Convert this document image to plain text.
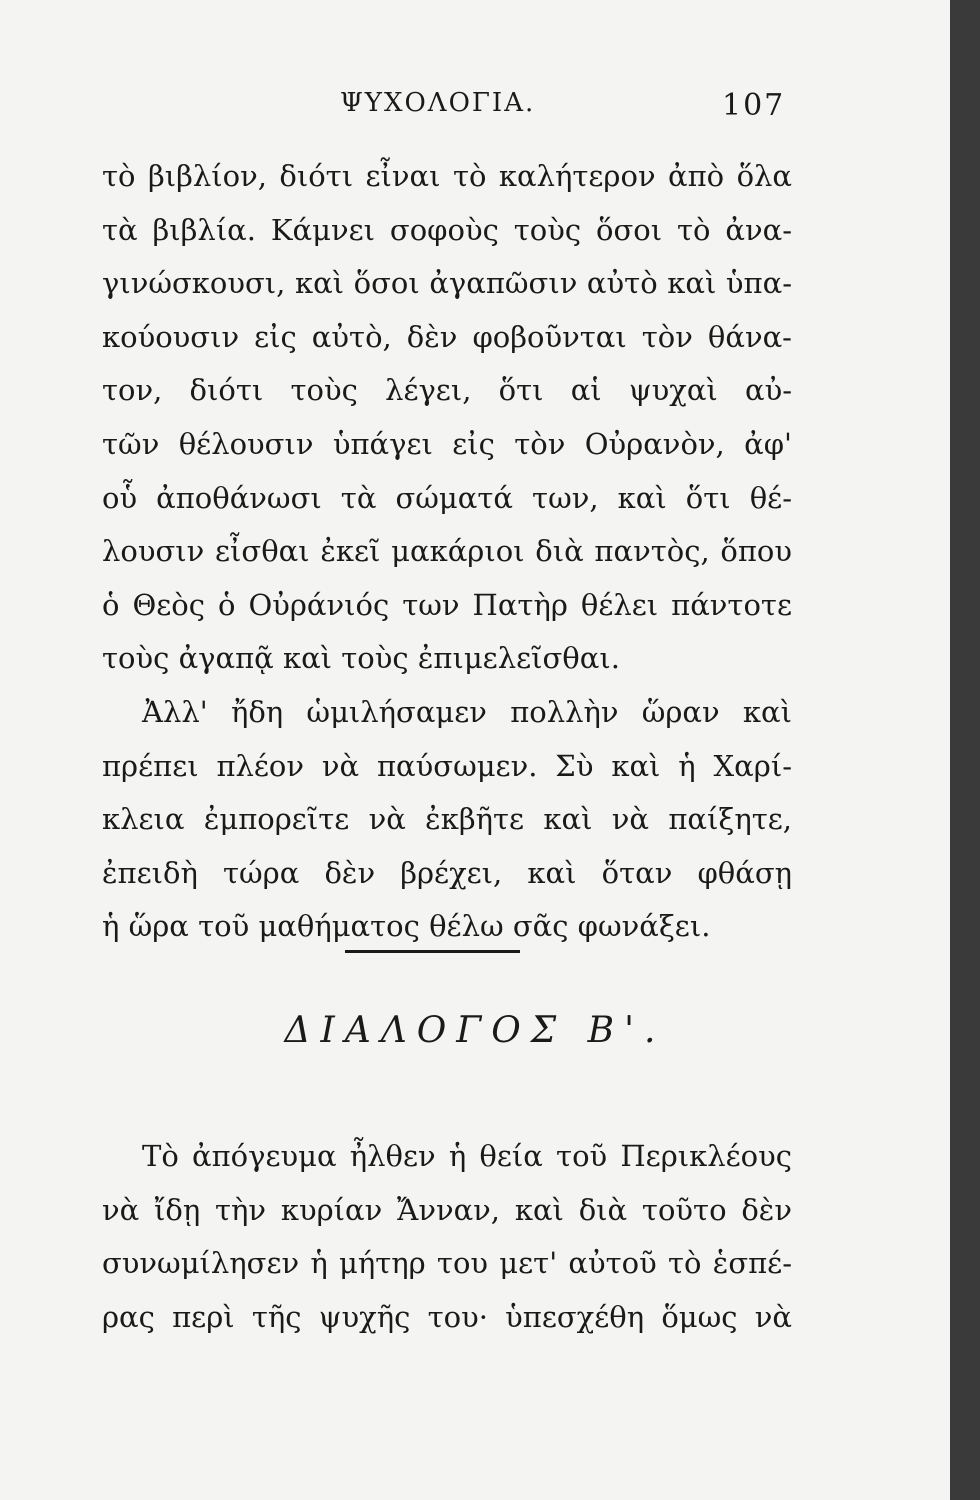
ΨΥΧΟΛΟΓΙΑ.	107
τὸ βιβλίον, διότι εἶναι τὸ καλήτερον ἀπὸ ὅλα
τὰ βιβλία. Κάμνει σοφοὺς τοὺς ὅσοι τὸ ἀνα-
γινώσκουσι, καὶ ὅσοι ἀγαπῶσιν αὐτὸ καὶ ὑπα-
κούουσιν εἰς αὐτὸ, δὲν φοβοῦνται τὸν θάνα-
τον, διότι τοὺς λέγει, ὅτι αἱ ψυχαὶ αὐ-
τῶν θέλουσιν ὑπάγει εἰς τὸν Οὐρανὸν, ἀφ'
οὗ ἀποθάνωσι τὰ σώματά των, καὶ ὅτι θέ-
λουσιν εἶσθαι ἐκεῖ μακάριοι διὰ παντὸς, ὅπου
ὁ Θεὸς ὁ Οὐράνιός των Πατὴρ θέλει πάντοτε
τοὺς ἀγαπᾷ καὶ τοὺς ἐπιμελεῖσθαι.
Ἀλλ' ἤδη ὡμιλήσαμεν πολλὴν ὥραν καὶ
πρέπει πλέον νὰ παύσωμεν. Σὺ καὶ ἡ Χαρί-
κλεια ἐμπορεῖτε νὰ ἐκβῆτε καὶ νὰ παίξητε,
ἐπειδὴ τώρα δὲν βρέχει, καὶ ὅταν φθάσῃ
ἡ ὥρα τοῦ μαθήματος θέλω σᾶς φωνάξει.
ΔΙΑΛΟΓΟΣ Β'.
Τὸ ἀπόγευμα ἦλθεν ἡ θεία τοῦ Περικλέους
νὰ ἴδῃ τὴν κυρίαν Ἄνναν, καὶ διὰ τοῦτο δὲν
συνωμίλησεν ἡ μήτηρ του μετ' αὐτοῦ τὸ ἑσπέ-
ρας περὶ τῆς ψυχῆς του· ὑπεσχέθη ὅμως νὰ
